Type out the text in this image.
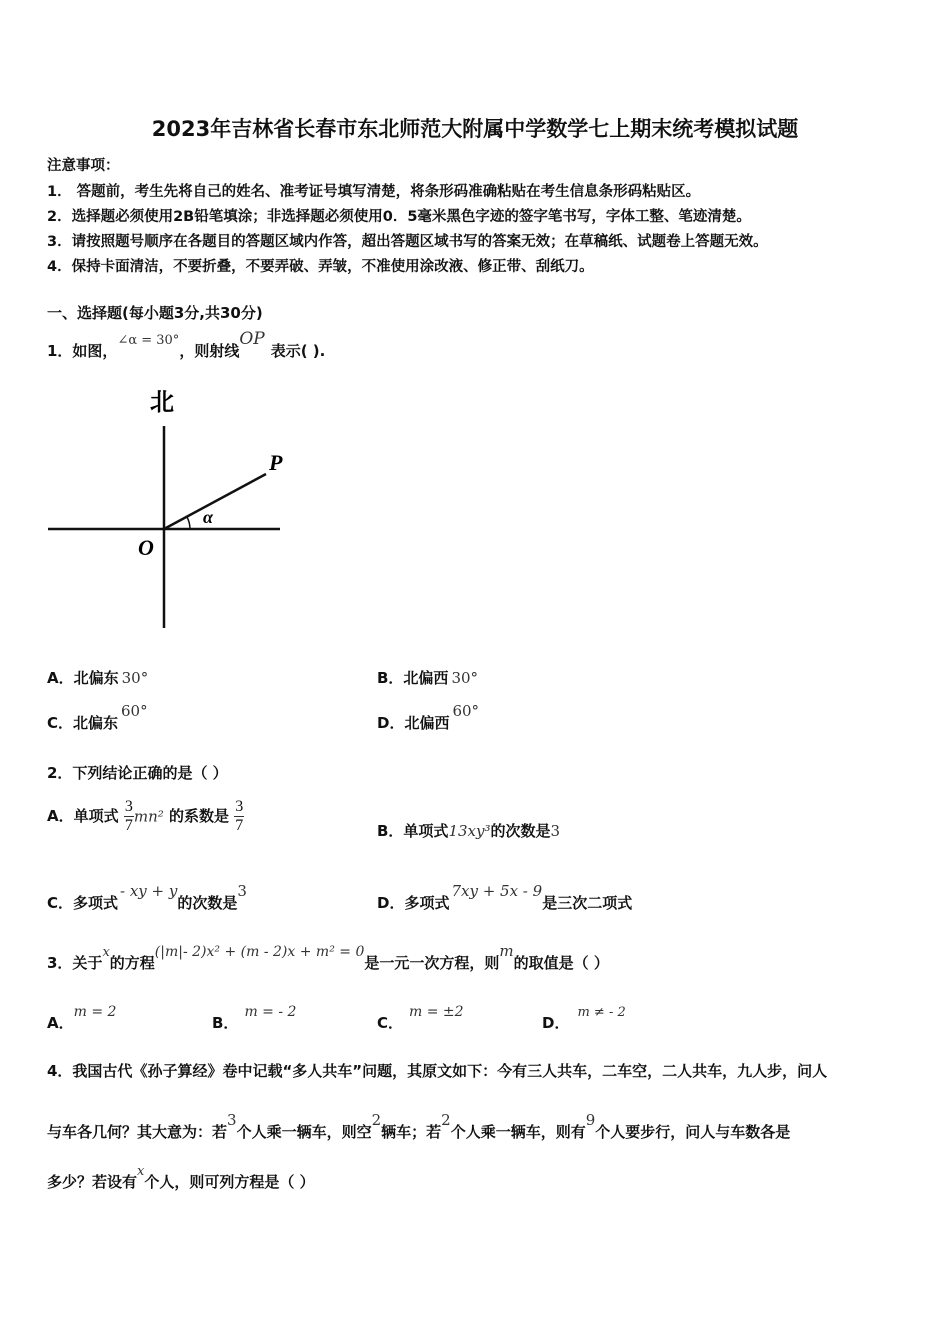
2023年吉林省长春市东北师范大附属中学数学七上期末统考模拟试题
注意事项：
1． 答题前，考生先将自己的姓名、准考证号填写清楚，将条形码准确粘贴在考生信息条形码粘贴区。
2．选择题必须使用2B铅笔填涂；非选择题必须使用0．5毫米黑色字迹的签字笔书写，字体工整、笔迹清楚。
3．请按照题号顺序在各题目的答题区域内作答，超出答题区域书写的答案无效；在草稿纸、试题卷上答题无效。
4．保持卡面清洁，不要折叠，不要弄破、弄皱，不准使用涂改液、修正带、刮纸刀。
一、选择题(每小题3分,共30分)
1．如图，∠α = 30°，则射线OP表示( ).
北
O
P
α
A．北偏东 30°	B．北偏西 30°
C．北偏东60°
D．北偏西60°
2．下列结论正确的是（ ）
A．单项式 $\frac{3}{7} mn^2$ 的系数是 $\frac{3}{7}$	B．单项式13xy³的次数是3
C．多项式- xy + y的次数是3
D．多项式7xy + 5x - 9是三次二项式
3．关于x的方程(|m|- 2)x² + (m - 2)x + m² = 0是一元一次方程，则m的取值是（ ）
A．m = 2
B．m = - 2
C．m = ±2
D．m ≠ - 2
4．我国古代《孙子算经》卷中记载“多人共车”问题，其原文如下：今有三人共车，二车空，二人共车，九人步，问人
与车各几何？其大意为：若3个人乘一辆车，则空2辆车；若2个人乘一辆车，则有9个人要步行，问人与车数各是
多少？若设有x个人，则可列方程是（ ）
